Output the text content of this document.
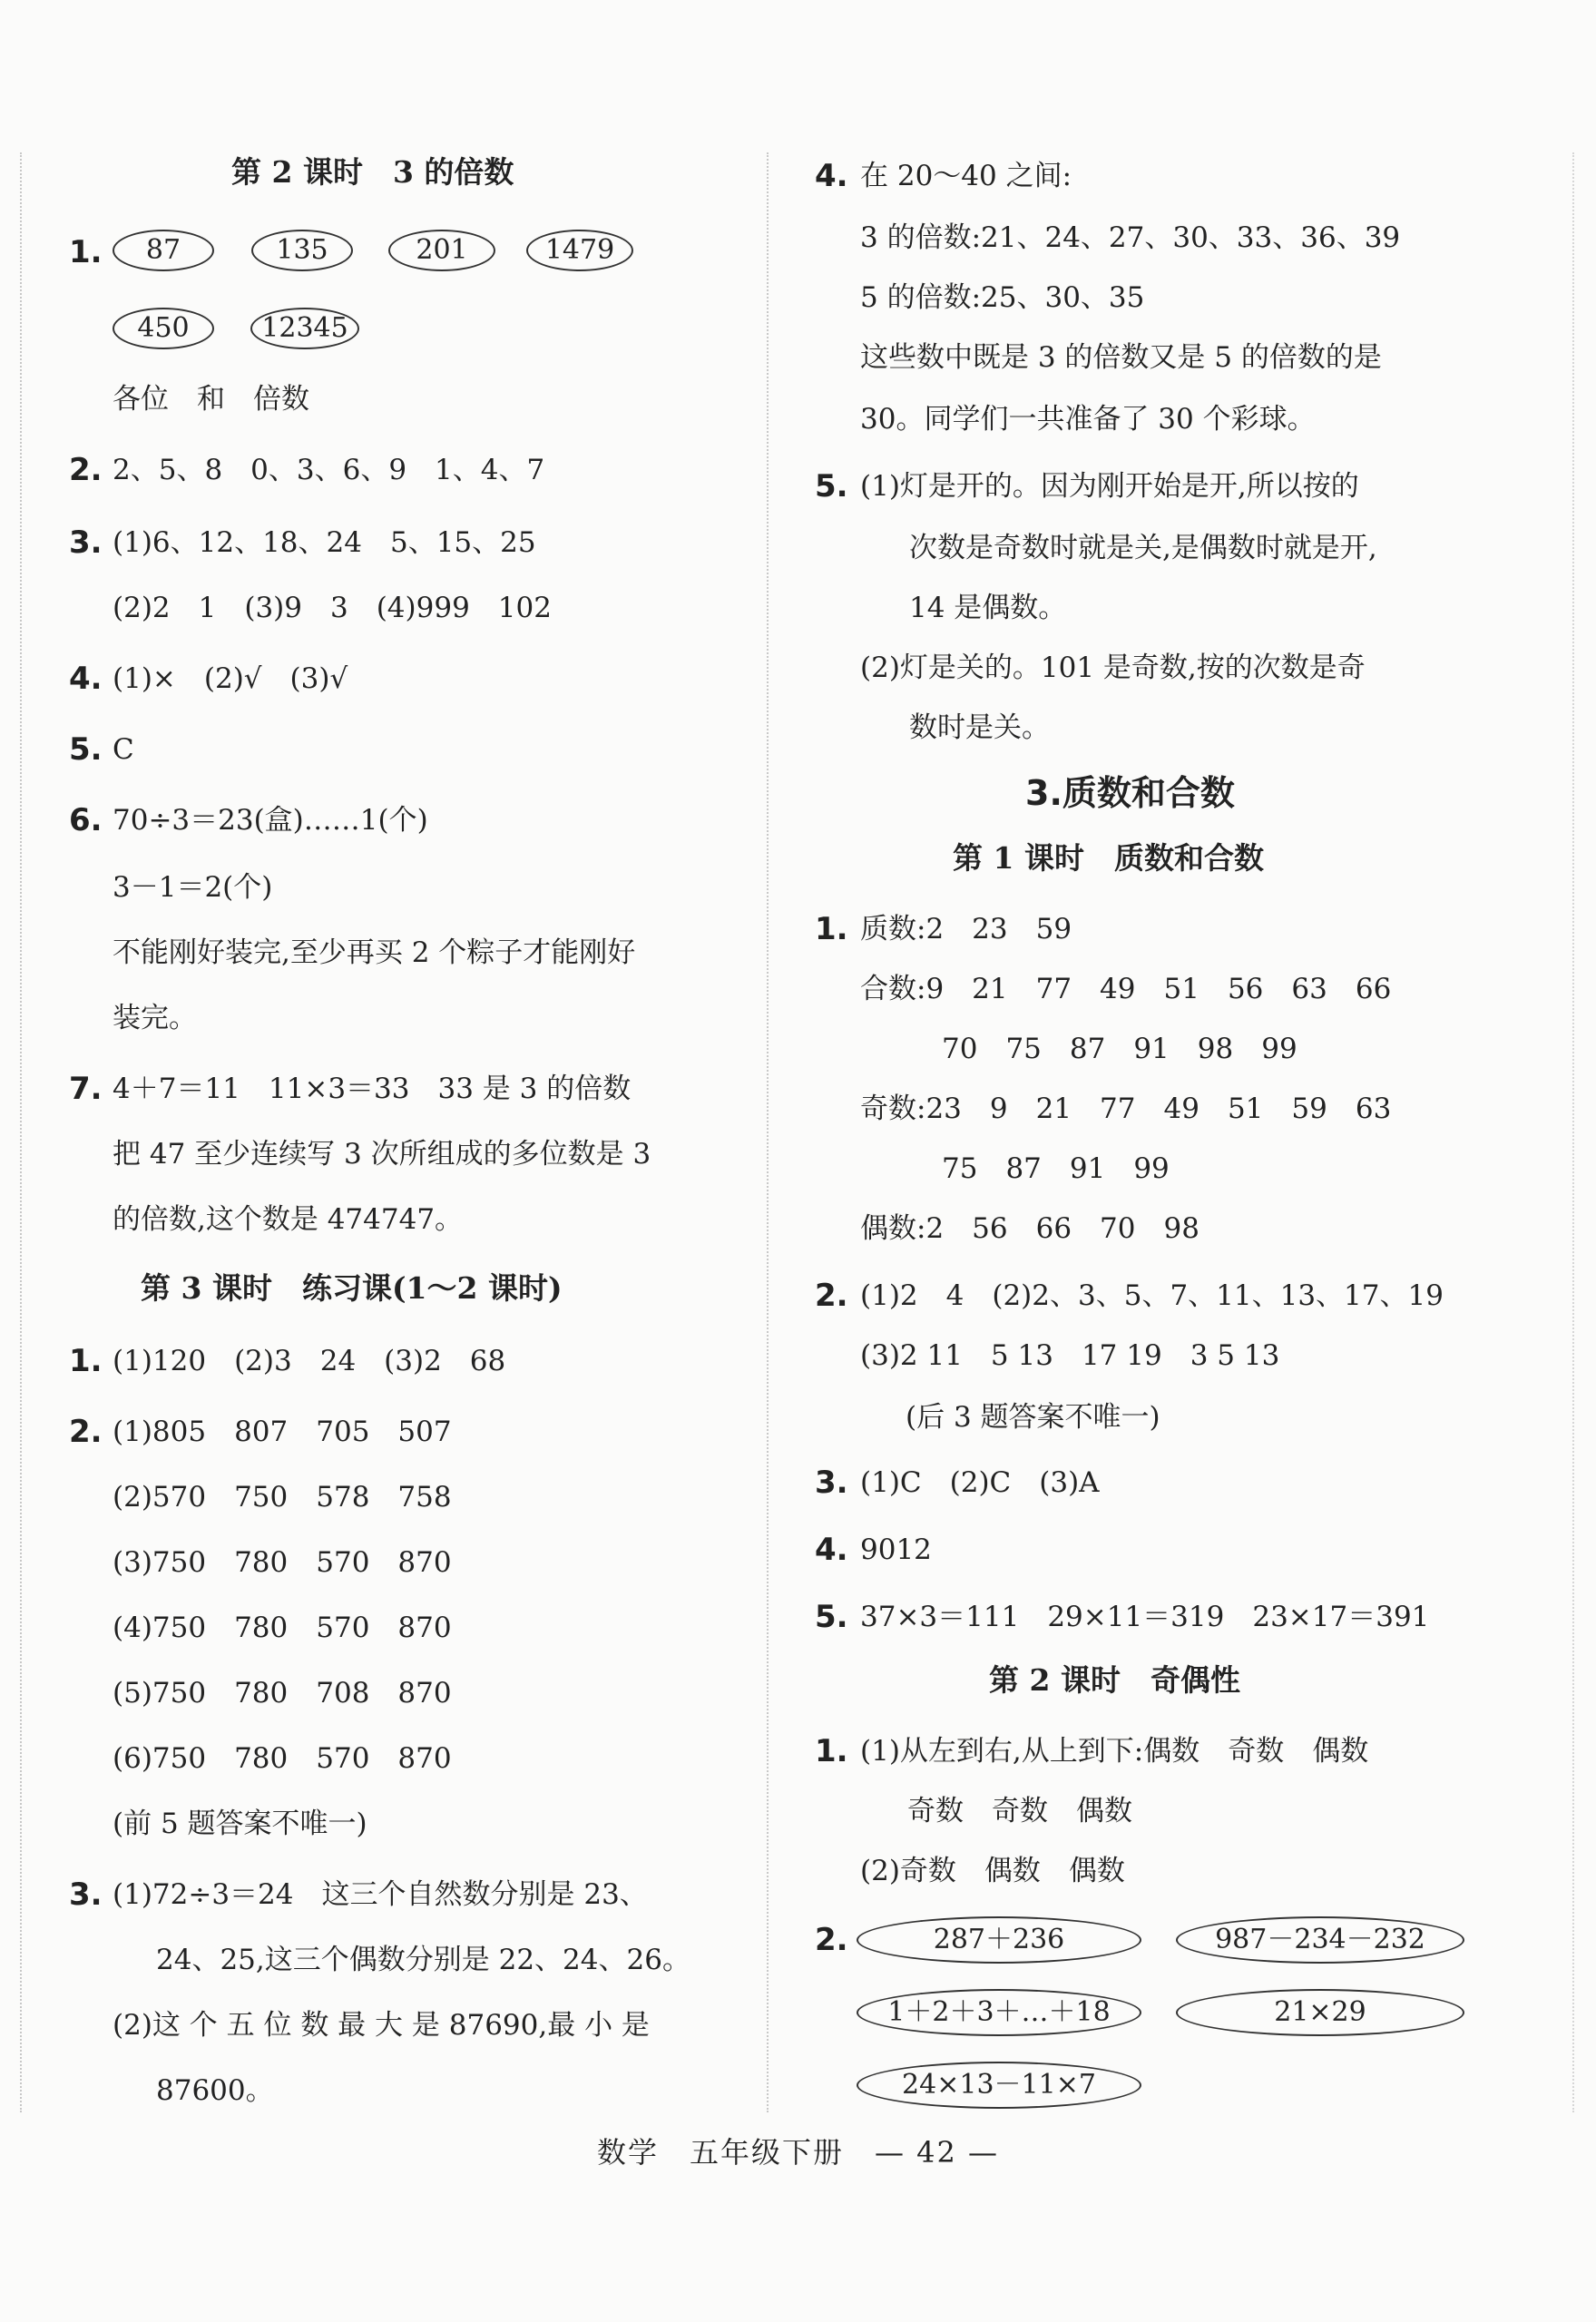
第 2 课时　3 的倍数
1.	87	135	201	1479
450	12345
各位　和　倍数
2. 2、5、8　0、3、6、9　1、4、7
3. (1)6、12、18、24　5、15、25
(2)2　1　(3)9　3　(4)999　102
4. (1)×　(2)√　(3)√
5. C
6. 70÷3＝23(盒)……1(个)
3－1＝2(个)
不能刚好装完,至少再买 2 个粽子才能刚好
装完。
7. 4＋7＝11　11×3＝33　33 是 3 的倍数
把 47 至少连续写 3 次所组成的多位数是 3
的倍数,这个数是 474747。
第 3 课时　练习课(1～2 课时)
1. (1)120　(2)3　24　(3)2　68
2. (1)805　807　705　507
(2)570　750　578　758
(3)750　780　570　870
(4)750　780　570　870
(5)750　780　708　870
(6)750　780　570　870
(前 5 题答案不唯一)
3. (1)72÷3＝24　这三个自然数分别是 23、
24、25,这三个偶数分别是 22、24、26。
(2)这 个 五 位 数 最 大 是 87690,最 小 是
87600。
4. 在 20～40 之间:
3 的倍数:21、24、27、30、33、36、39
5 的倍数:25、30、35
这些数中既是 3 的倍数又是 5 的倍数的是
30。同学们一共准备了 30 个彩球。
5. (1)灯是开的。因为刚开始是开,所以按的
次数是奇数时就是关,是偶数时就是开,
14 是偶数。
(2)灯是关的。101 是奇数,按的次数是奇
数时是关。
3.质数和合数
第 1 课时　质数和合数
1. 质数:2　23　59
合数:9　21　77　49　51　56　63　66
70　75　87　91　98　99
奇数:23　9　21　77　49　51　59　63
75　87　91　99
偶数:2　56　66　70　98
2. (1)2　4　(2)2、3、5、7、11、13、17、19
(3)2 11　5 13　17 19　3 5 13
(后 3 题答案不唯一)
3. (1)C　(2)C　(3)A
4. 9012
5. 37×3＝111　29×11＝319　23×17＝391
第 2 课时　奇偶性
1. (1)从左到右,从上到下:偶数　奇数　偶数
奇数　奇数　偶数
(2)奇数　偶数　偶数
2.	287＋236	987－234－232
1＋2＋3＋…＋18	21×29
24×13－11×7
数学　五年级下册　— 42 —
